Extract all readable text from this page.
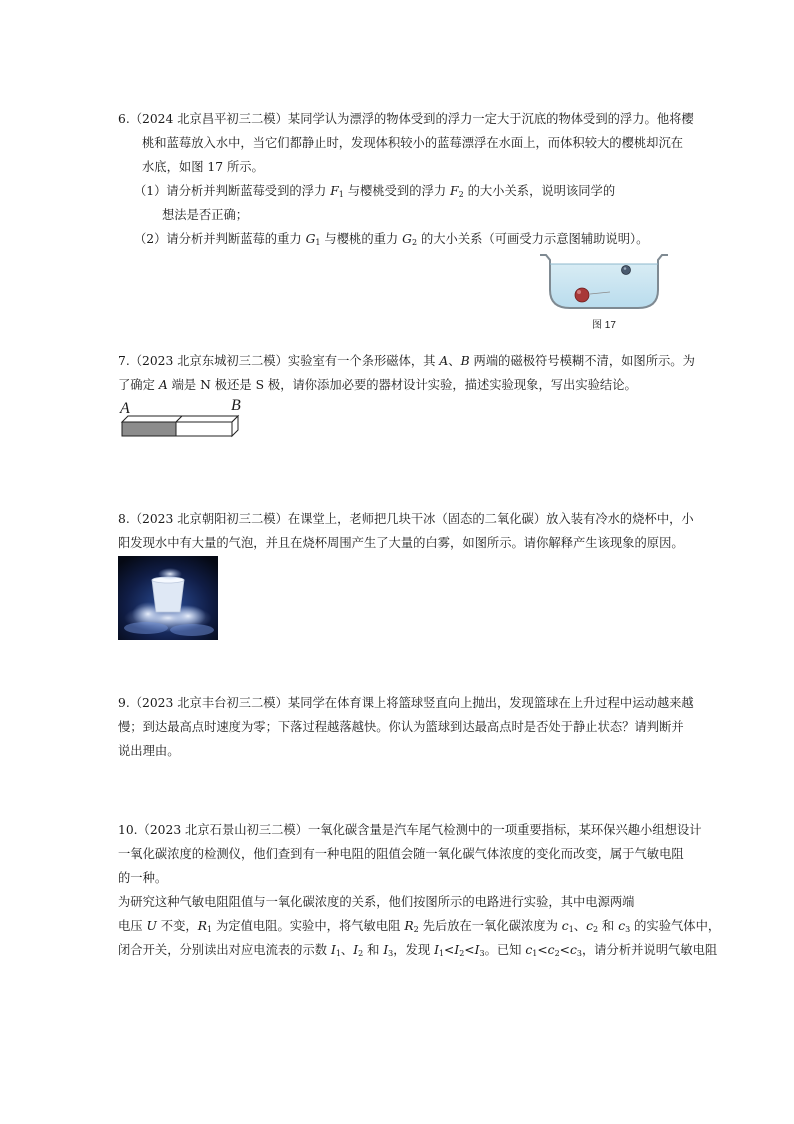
6.（2024 北京昌平初三二模）某同学认为漂浮的物体受到的浮力一定大于沉底的物体受到的浮力。他将樱
桃和蓝莓放入水中，当它们都静止时，发现体积较小的蓝莓漂浮在水面上，而体积较大的樱桃却沉在
水底，如图 17 所示。
（1）请分析并判断蓝莓受到的浮力 $F_1$ 与樱桃受到的浮力 $F_2$ 的大小关系，说明该同学的
想法是否正确；
（2）请分析并判断蓝莓的重力 $G_1$ 与樱桃的重力 $G_2$ 的大小关系（可画受力示意图辅助说明）。
图 17
7.（2023 北京东城初三二模）实验室有一个条形磁体，其 A、B 两端的磁极符号模糊不清，如图所示。为
了确定 A 端是 N 极还是 S 极，请你添加必要的器材设计实验，描述实验现象，写出实验结论。
A	B
8.（2023 北京朝阳初三二模）在课堂上，老师把几块干冰（固态的二氧化碳）放入装有冷水的烧杯中，小
阳发现水中有大量的气泡，并且在烧杯周围产生了大量的白雾，如图所示。请你解释产生该现象的原因。
9.（2023 北京丰台初三二模）某同学在体育课上将篮球竖直向上抛出，发现篮球在上升过程中运动越来越
慢；到达最高点时速度为零；下落过程越落越快。你认为篮球到达最高点时是否处于静止状态？请判断并
说出理由。
10.（2023 北京石景山初三二模）一氧化碳含量是汽车尾气检测中的一项重要指标，某环保兴趣小组想设计
一氧化碳浓度的检测仪，他们查到有一种电阻的阻值会随一氧化碳气体浓度的变化而改变，属于气敏电阻
的一种。
为研究这种气敏电阻阻值与一氧化碳浓度的关系，他们按图所示的电路进行实验，其中电源两端
电压 U 不变，$R_1$ 为定值电阻。实验中，将气敏电阻 $R_2$ 先后放在一氧化碳浓度为 $c_1$、$c_2$ 和 $c_3$ 的实验气体中，
闭合开关，分别读出对应电流表的示数 $I_1$、$I_2$ 和 $I_3$，发现 $I_1<I_2<I_3$。已知 $c_1<c_2<c_3$，请分析并说明气敏电阻
